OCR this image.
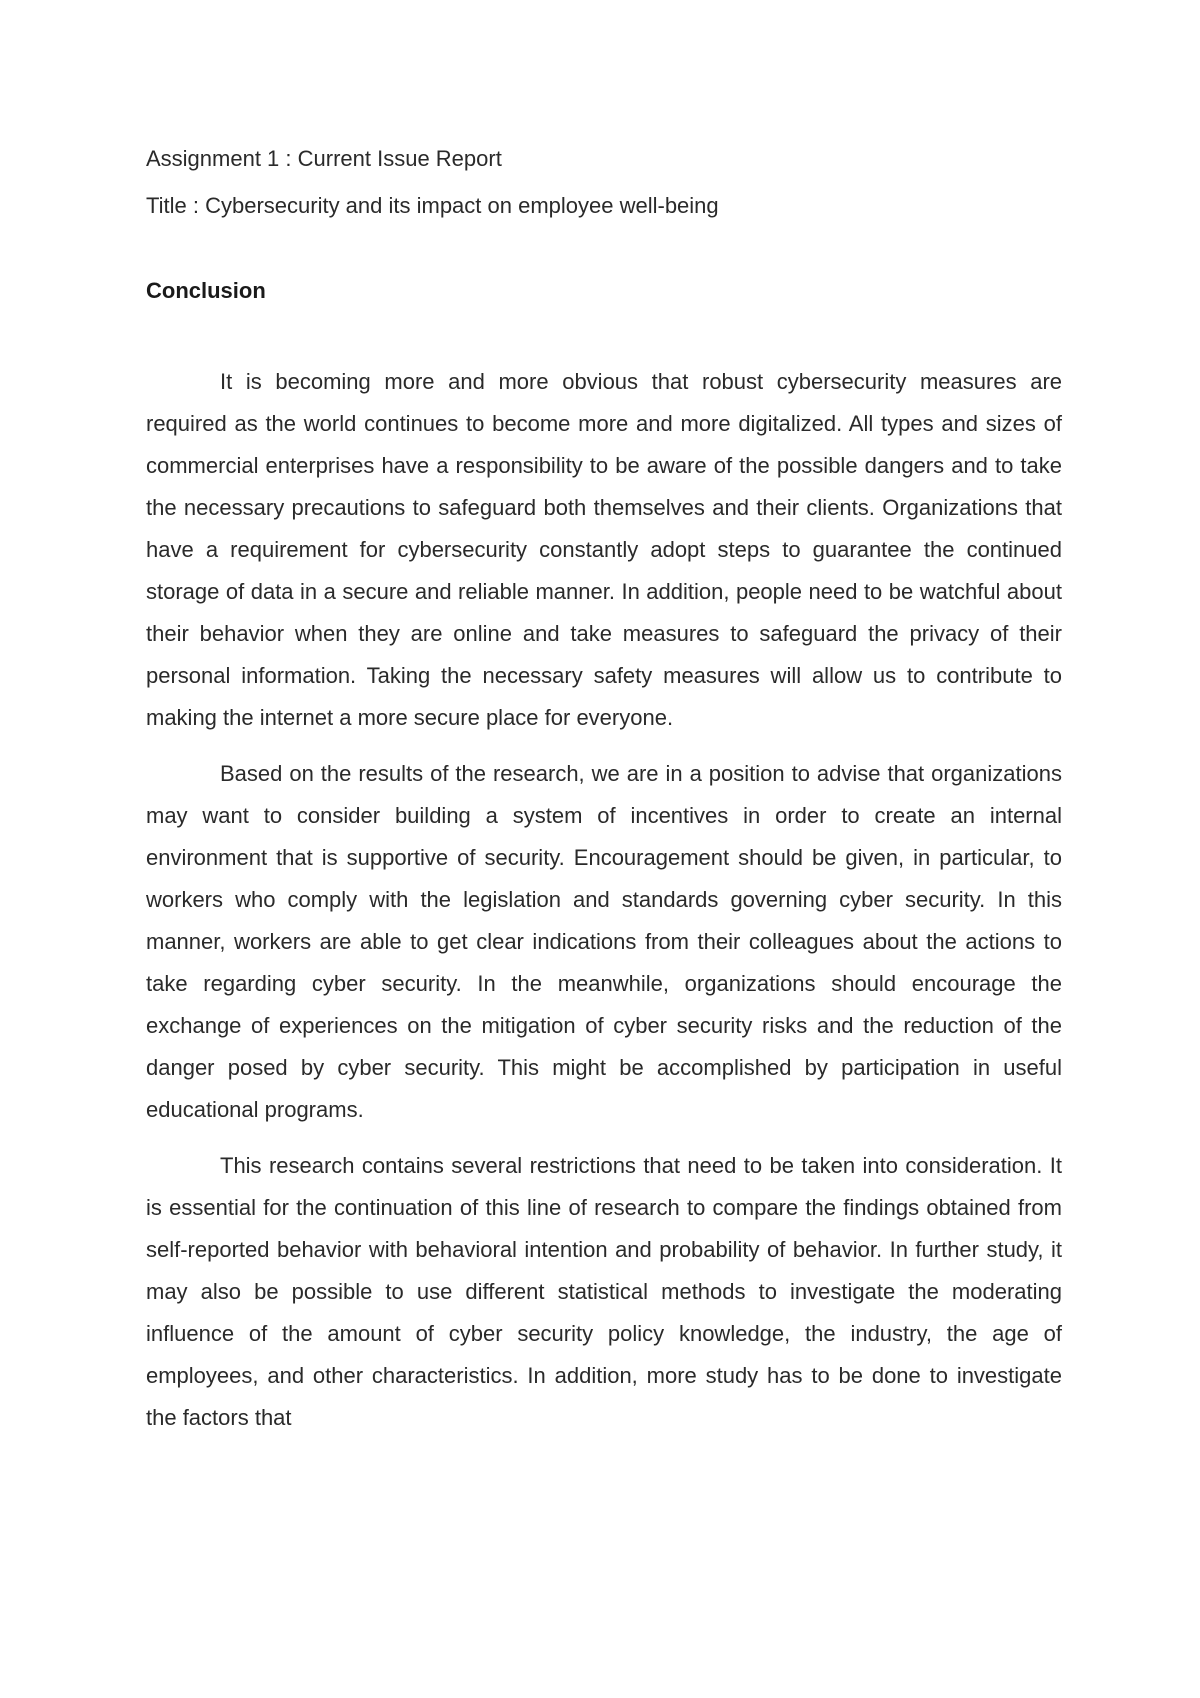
Assignment 1 : Current Issue Report

Title : Cybersecurity and its impact on employee well-being

Conclusion

It is becoming more and more obvious that robust cybersecurity measures are required as the world continues to become more and more digitalized. All types and sizes of commercial enterprises have a responsibility to be aware of the possible dangers and to take the necessary precautions to safeguard both themselves and their clients. Organizations that have a requirement for cybersecurity constantly adopt steps to guarantee the continued storage of data in a secure and reliable manner. In addition, people need to be watchful about their behavior when they are online and take measures to safeguard the privacy of their personal information. Taking the necessary safety measures will allow us to contribute to making the internet a more secure place for everyone.

Based on the results of the research, we are in a position to advise that organizations may want to consider building a system of incentives in order to create an internal environment that is supportive of security. Encouragement should be given, in particular, to workers who comply with the legislation and standards governing cyber security. In this manner, workers are able to get clear indications from their colleagues about the actions to take regarding cyber security. In the meanwhile, organizations should encourage the exchange of experiences on the mitigation of cyber security risks and the reduction of the danger posed by cyber security. This might be accomplished by participation in useful educational programs.

This research contains several restrictions that need to be taken into consideration. It is essential for the continuation of this line of research to compare the findings obtained from self-reported behavior with behavioral intention and probability of behavior. In further study, it may also be possible to use different statistical methods to investigate the moderating influence of the amount of cyber security policy knowledge, the industry, the age of employees, and other characteristics. In addition, more study has to be done to investigate the factors that
